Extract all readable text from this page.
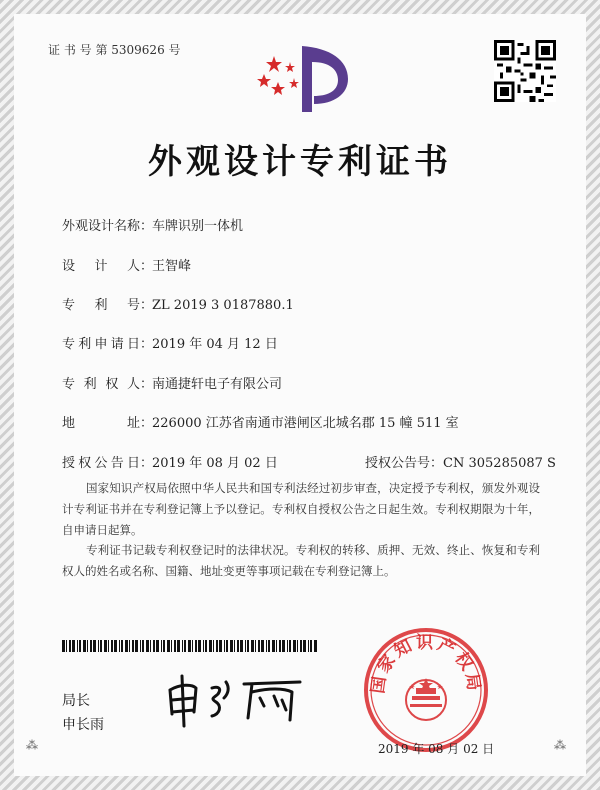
证 书 号 第 5309626 号
外观设计专利证书
外观设计名称：车牌识别一体机
设　计　人：王智峰
专　利　号：ZL 2019 3 0187880.1
专利申请日：2019 年 04 月 12 日
专利权人：南通捷轩电子有限公司
地　　址：226000 江苏省南通市港闸区北城名郡 15 幢 511 室
授权公告日：2019 年 08 月 02 日	授权公告号：CN 305285087 S
国家知识产权局依照中华人民共和国专利法经过初步审查，决定授予专利权，颁发外观设计专利证书并在专利登记簿上予以登记。专利权自授权公告之日起生效。专利权期限为十年，自申请日起算。
专利证书记载专利权登记时的法律状况。专利权的转移、质押、无效、终止、恢复和专利权人的姓名或名称、国籍、地址变更等事项记载在专利登记簿上。
局长
申长雨
国家知识产权局
2019 年 08 月 02 日
⁂	⁂
